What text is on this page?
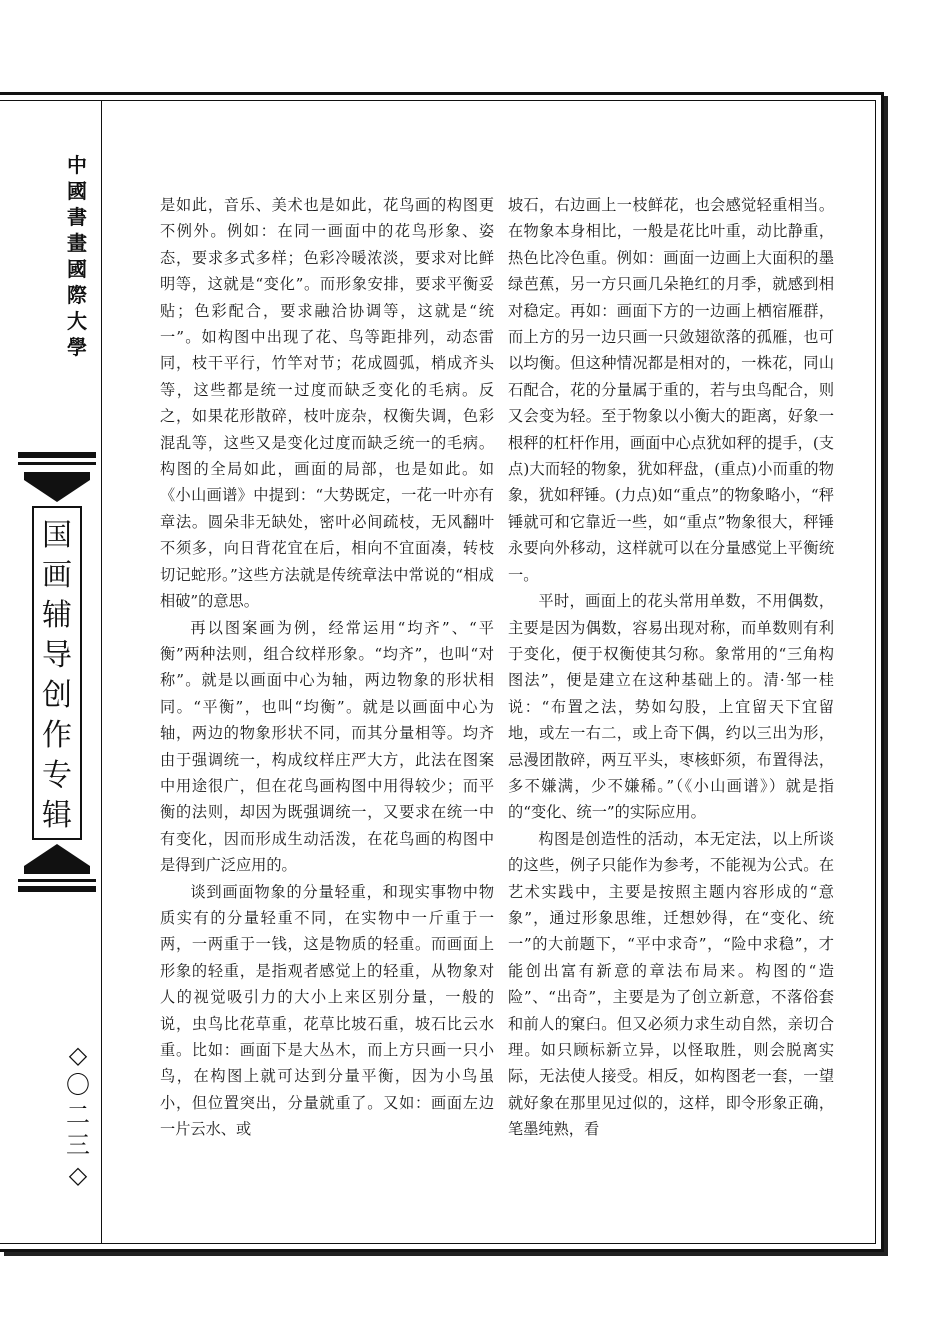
中
國
書
畫
國
際
大
學
国
画
辅
导
创
作
专
辑
◇
〇
二
三
◇

是如此，音乐、美术也是如此，花鸟画的构图更不例外。例如：在同一画面中的花鸟形象、姿态，要求多式多样；色彩冷暖浓淡，要求对比鲜明等，这就是“变化”。而形象安排，要求平衡妥贴；色彩配合，要求融洽协调等，这就是“统一”。如构图中出现了花、鸟等距排列，动态雷同，枝干平行，竹竿对节；花成圆弧，梢成齐头等，这些都是统一过度而缺乏变化的毛病。反之，如果花形散碎，枝叶庞杂，权衡失调，色彩混乱等，这些又是变化过度而缺乏统一的毛病。构图的全局如此，画面的局部，也是如此。如《小山画谱》中提到：“大势既定，一花一叶亦有章法。圆朵非无缺处，密叶必间疏枝，无风翻叶不须多，向日背花宜在后，相向不宜面凑，转枝切记蛇形。”这些方法就是传统章法中常说的“相成相破”的意思。

再以图案画为例，经常运用“均齐”、“平衡”两种法则，组合纹样形象。“均齐”，也叫“对称”。就是以画面中心为轴，两边物象的形状相同。“平衡”，也叫“均衡”。就是以画面中心为轴，两边的物象形状不同，而其分量相等。均齐由于强调统一，构成纹样庄严大方，此法在图案中用途很广，但在花鸟画构图中用得较少；而平衡的法则，却因为既强调统一，又要求在统一中有变化，因而形成生动活泼，在花鸟画的构图中是得到广泛应用的。

谈到画面物象的分量轻重，和现实事物中物质实有的分量轻重不同，在实物中一斤重于一两，一两重于一钱，这是物质的轻重。而画面上形象的轻重，是指观者感觉上的轻重，从物象对人的视觉吸引力的大小上来区别分量，一般的说，虫鸟比花草重，花草比坡石重，坡石比云水重。比如：画面下是大丛木，而上方只画一只小鸟，在构图上就可达到分量平衡，因为小鸟虽小，但位置突出，分量就重了。又如：画面左边一片云水、或

坡石，右边画上一枝鲜花，也会感觉轻重相当。在物象本身相比，一般是花比叶重，动比静重，热色比冷色重。例如：画面一边画上大面积的墨绿芭蕉，另一方只画几朵艳红的月季，就感到相对稳定。再如：画面下方的一边画上栖宿雁群，而上方的另一边只画一只敛翅欲落的孤雁，也可以均衡。但这种情况都是相对的，一株花，同山石配合，花的分量属于重的，若与虫鸟配合，则又会变为轻。至于物象以小衡大的距离，好象一根秤的杠杆作用，画面中心点犹如秤的提手，(支点)大而轻的物象，犹如秤盘，(重点)小而重的物象，犹如秤锤。(力点)如“重点”的物象略小，“秤锤就可和它靠近一些，如“重点”物象很大，秤锤永要向外移动，这样就可以在分量感觉上平衡统一。

平时，画面上的花头常用单数，不用偶数，主要是因为偶数，容易出现对称，而单数则有利于变化，便于权衡使其匀称。象常用的“三角构图法”，便是建立在这种基础上的。清·邹一桂说：“布置之法，势如勾股，上宜留天下宜留地，或左一右二，或上奇下偶，约以三出为形，忌漫团散碎，两互平头，枣核虾须，布置得法，多不嫌满，少不嫌稀。”（《小山画谱》）就是指的“变化、统一”的实际应用。

构图是创造性的活动，本无定法，以上所谈的这些，例子只能作为参考，不能视为公式。在艺术实践中，主要是按照主题内容形成的“意象”，通过形象思维，迁想妙得，在“变化、统一”的大前题下，“平中求奇”，“险中求稳”，才能创出富有新意的章法布局来。构图的“造险”、“出奇”，主要是为了创立新意，不落俗套和前人的窠臼。但又必须力求生动自然，亲切合理。如只顾标新立异，以怪取胜，则会脱离实际，无法使人接受。相反，如构图老一套，一望就好象在那里见过似的，这样，即令形象正确，笔墨纯熟，看
